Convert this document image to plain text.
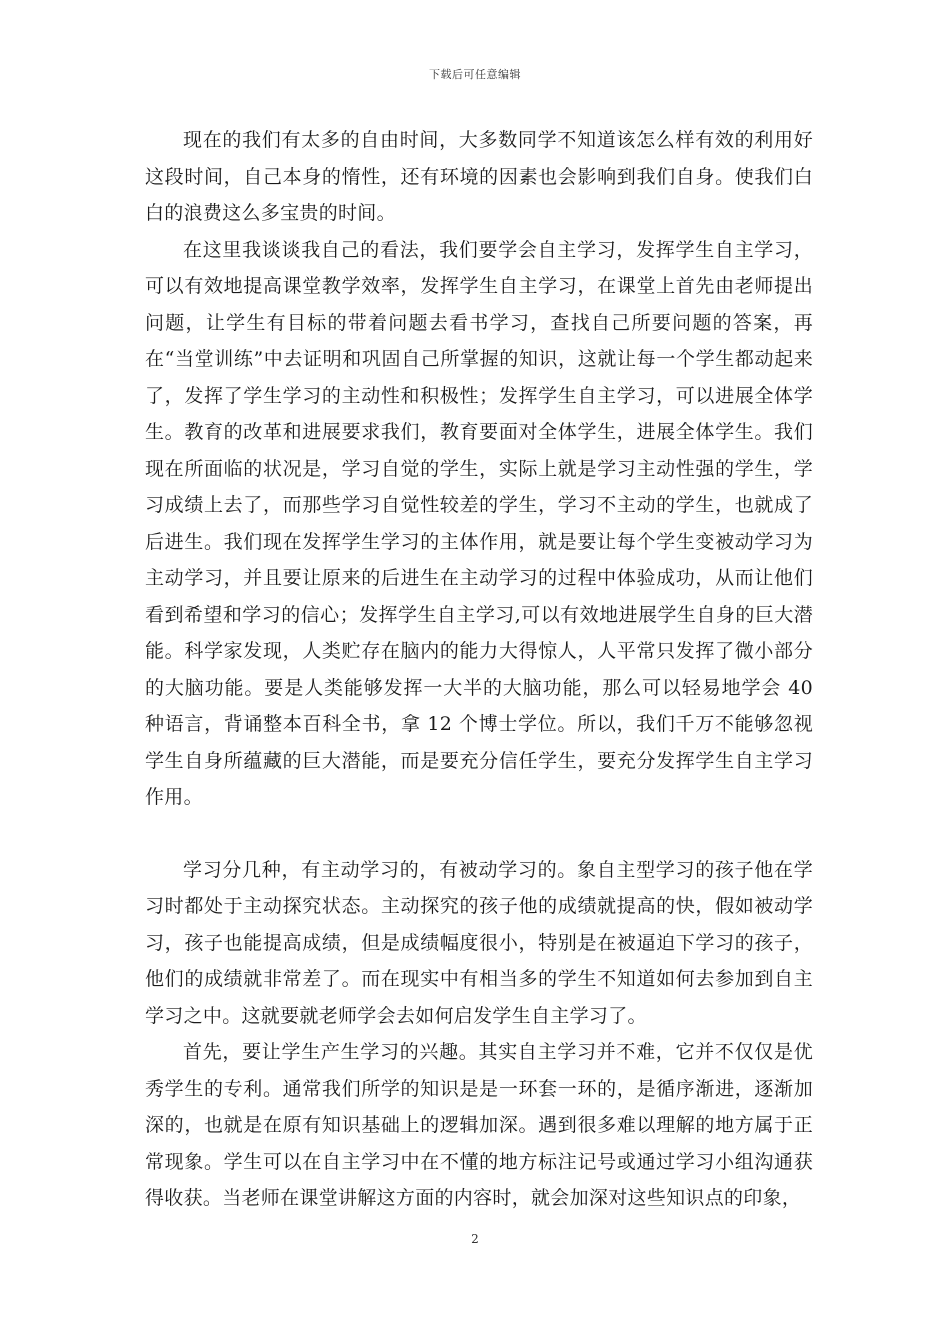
下载后可任意编辑

现在的我们有太多的自由时间，大多数同学不知道该怎么样有效的利用好这段时间，自己本身的惰性，还有环境的因素也会影响到我们自身。使我们白白的浪费这么多宝贵的时间。

在这里我谈谈我自己的看法，我们要学会自主学习，发挥学生自主学习，可以有效地提高课堂教学效率，发挥学生自主学习，在课堂上首先由老师提出问题，让学生有目标的带着问题去看书学习，查找自己所要问题的答案，再在“当堂训练”中去证明和巩固自己所掌握的知识，这就让每一个学生都动起来了，发挥了学生学习的主动性和积极性；发挥学生自主学习，可以进展全体学生。教育的改革和进展要求我们，教育要面对全体学生，进展全体学生。我们现在所面临的状况是，学习自觉的学生，实际上就是学习主动性强的学生，学习成绩上去了，而那些学习自觉性较差的学生，学习不主动的学生，也就成了后进生。我们现在发挥学生学习的主体作用，就是要让每个学生变被动学习为主动学习，并且要让原来的后进生在主动学习的过程中体验成功，从而让他们看到希望和学习的信心；发挥学生自主学习,可以有效地进展学生自身的巨大潜能。科学家发现，人类贮存在脑内的能力大得惊人，人平常只发挥了微小部分的大脑功能。要是人类能够发挥一大半的大脑功能，那么可以轻易地学会 40 种语言，背诵整本百科全书，拿 12 个博士学位。所以，我们千万不能够忽视学生自身所蕴藏的巨大潜能，而是要充分信任学生，要充分发挥学生自主学习作用。

学习分几种，有主动学习的，有被动学习的。象自主型学习的孩子他在学习时都处于主动探究状态。主动探究的孩子他的成绩就提高的快，假如被动学习，孩子也能提高成绩，但是成绩幅度很小，特别是在被逼迫下学习的孩子，他们的成绩就非常差了。而在现实中有相当多的学生不知道如何去参加到自主学习之中。这就要就老师学会去如何启发学生自主学习了。

首先，要让学生产生学习的兴趣。其实自主学习并不难，它并不仅仅是优秀学生的专利。通常我们所学的知识是是一环套一环的，是循序渐进，逐渐加深的，也就是在原有知识基础上的逻辑加深。遇到很多难以理解的地方属于正常现象。学生可以在自主学习中在不懂的地方标注记号或通过学习小组沟通获得收获。当老师在课堂讲解这方面的内容时，就会加深对这些知识点的印象，

2
